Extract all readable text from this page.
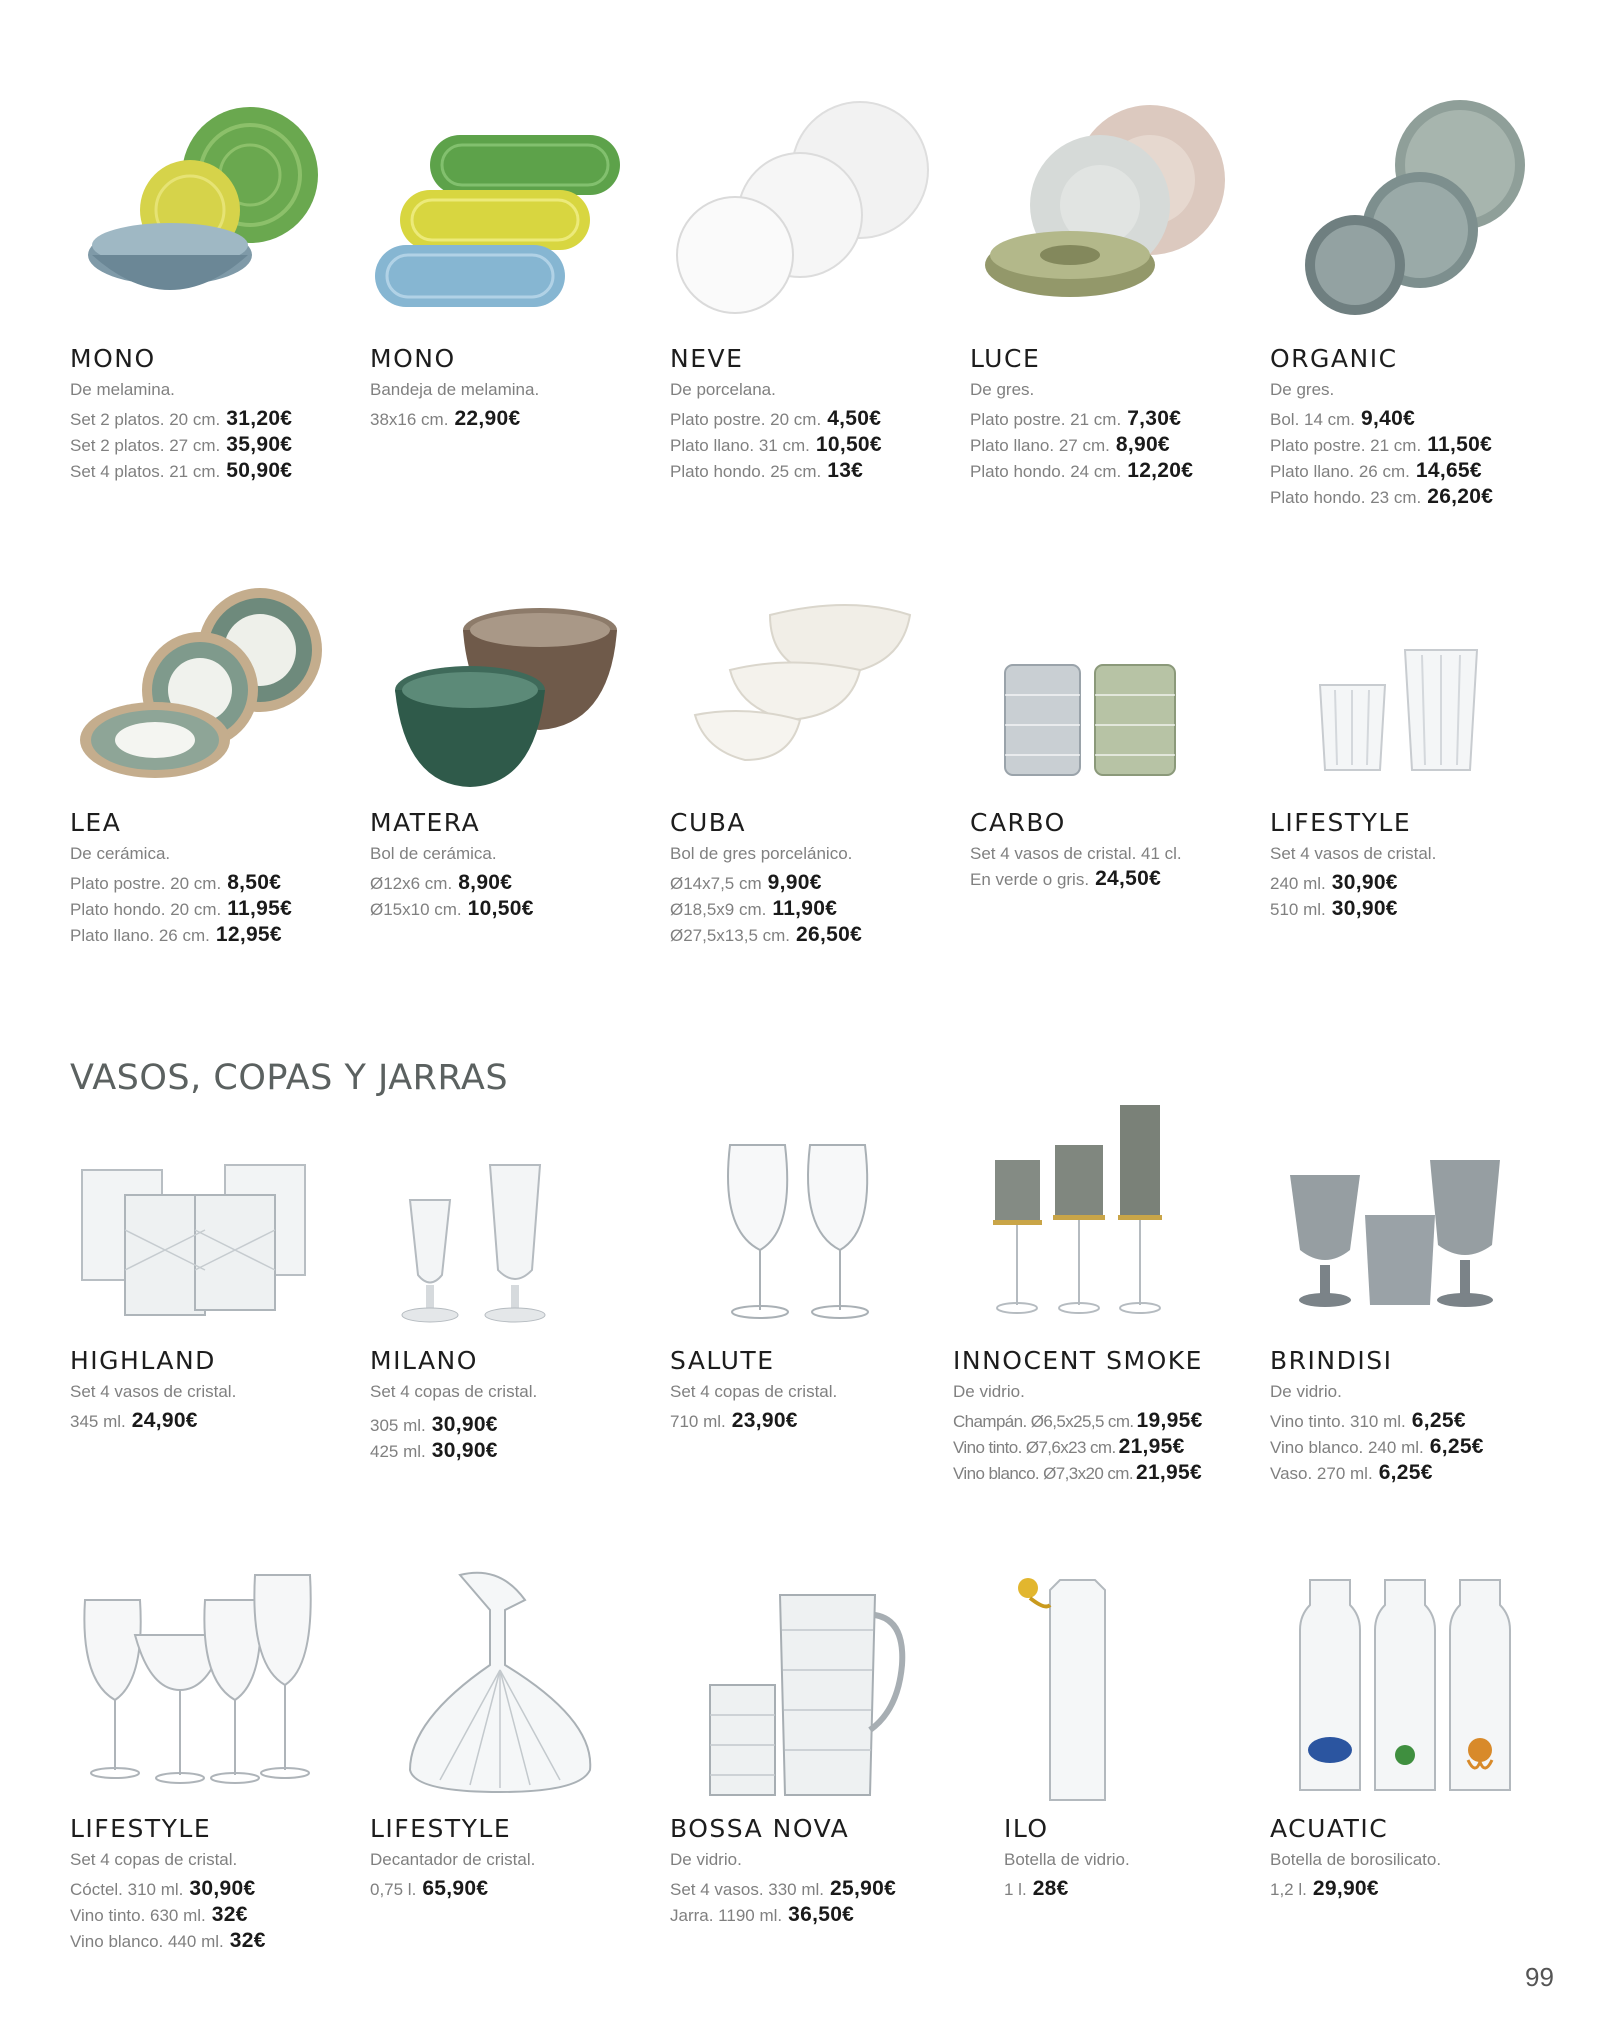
MONO
De melamina.
Set 2 platos. 20 cm. 31,20€
Set 2 platos. 27 cm. 35,90€
Set 4 platos. 21 cm. 50,90€
MONO
Bandeja de melamina.
38x16 cm. 22,90€
NEVE
De porcelana.
Plato postre. 20 cm. 4,50€
Plato llano. 31 cm. 10,50€
Plato hondo. 25 cm. 13€
LUCE
De gres.
Plato postre. 21 cm. 7,30€
Plato llano. 27 cm. 8,90€
Plato hondo. 24 cm. 12,20€
ORGANIC
De gres.
Bol. 14 cm. 9,40€
Plato postre. 21 cm. 11,50€
Plato llano. 26 cm. 14,65€
Plato hondo. 23 cm. 26,20€
LEA
De cerámica.
Plato postre. 20 cm. 8,50€
Plato hondo. 20 cm. 11,95€
Plato llano. 26 cm. 12,95€
MATERA
Bol de cerámica.
Ø12x6 cm. 8,90€
Ø15x10 cm. 10,50€
CUBA
Bol de gres porcelánico.
Ø14x7,5 cm 9,90€
Ø18,5x9 cm. 11,90€
Ø27,5x13,5 cm. 26,50€
CARBO
Set 4 vasos de cristal. 41 cl.
En verde o gris. 24,50€
LIFESTYLE
Set 4 vasos de cristal.
240 ml. 30,90€
510 ml. 30,90€
VASOS, COPAS Y JARRAS
HIGHLAND
Set 4 vasos de cristal.
345 ml. 24,90€
MILANO
Set 4 copas de cristal.
305 ml. 30,90€
425 ml. 30,90€
SALUTE
Set 4 copas de cristal.
710 ml. 23,90€
INNOCENT SMOKE
De vidrio.
Champán. Ø6,5x25,5 cm. 19,95€
Vino tinto. Ø7,6x23 cm. 21,95€
Vino blanco. Ø7,3x20 cm. 21,95€
BRINDISI
De vidrio.
Vino tinto. 310 ml. 6,25€
Vino blanco. 240 ml. 6,25€
Vaso. 270 ml. 6,25€
LIFESTYLE
Set 4 copas de cristal.
Cóctel. 310 ml. 30,90€
Vino tinto. 630 ml. 32€
Vino blanco. 440 ml. 32€
LIFESTYLE
Decantador de cristal.
0,75 l. 65,90€
BOSSA NOVA
De vidrio.
Set 4 vasos. 330 ml. 25,90€
Jarra. 1190 ml. 36,50€
ILO
Botella de vidrio.
1 l. 28€
ACUATIC
Botella de borosilicato.
1,2 l. 29,90€
99
